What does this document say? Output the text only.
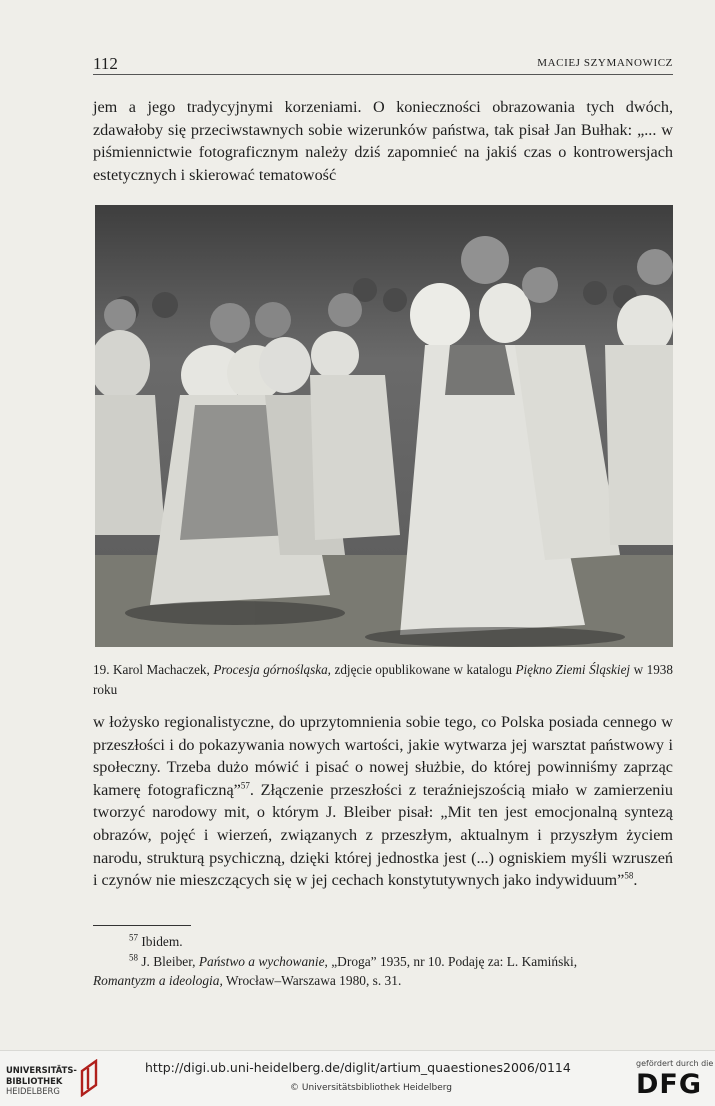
112	MACIEJ SZYMANOWICZ

jem a jego tradycyjnymi korzeniami. O konieczności obrazowania tych dwóch, zdawałoby się przeciwstawnych sobie wizerunków państwa, tak pisał Jan Bułhak: „... w piśmiennictwie fotograficznym należy dziś zapomnieć na jakiś czas o kontrowersjach estetycznych i skierować tematowość

19. Karol Machaczek, Procesja górnośląska, zdjęcie opublikowane w katalogu Piękno Ziemi Śląskiej w 1938 roku

w łożysko regionalistyczne, do uprzytomnienia sobie tego, co Polska posiada cennego w przeszłości i do pokazywania nowych wartości, jakie wytwarza jej warsztat państwowy i społeczny. Trzeba dużo mówić i pisać o nowej służbie, do której powinniśmy zaprząc kamerę fotograficzną”$^{57}$. Złączenie przeszłości z teraźniejszością miało w zamierzeniu tworzyć narodowy mit, o którym J. Bleiber pisał: „Mit ten jest emocjonalną syntezą obrazów, pojęć i wierzeń, związanych z przeszłym, aktualnym i przyszłym życiem narodu, strukturą psychiczną, dzięki której jednostka jest (...) ogniskiem myśli wzruszeń i czynów nie mieszczących się w jej cechach konstytutywnych jako indywiduum”$^{58}$.

$^{57}$ Ibidem.

$^{58}$ J. Bleiber, Państwo a wychowanie, „Droga” 1935, nr 10. Podaję za: L. Kamiński,
Romantyzm a ideologia, Wrocław–Warszawa 1980, s. 31.

UNIVERSITÄTS-
BIBLIOTHEK
HEIDELBERG
http://digi.ub.uni-heidelberg.de/diglit/artium_quaestiones2006/0114
© Universitätsbibliothek Heidelberg
gefördert durch die
DFG
